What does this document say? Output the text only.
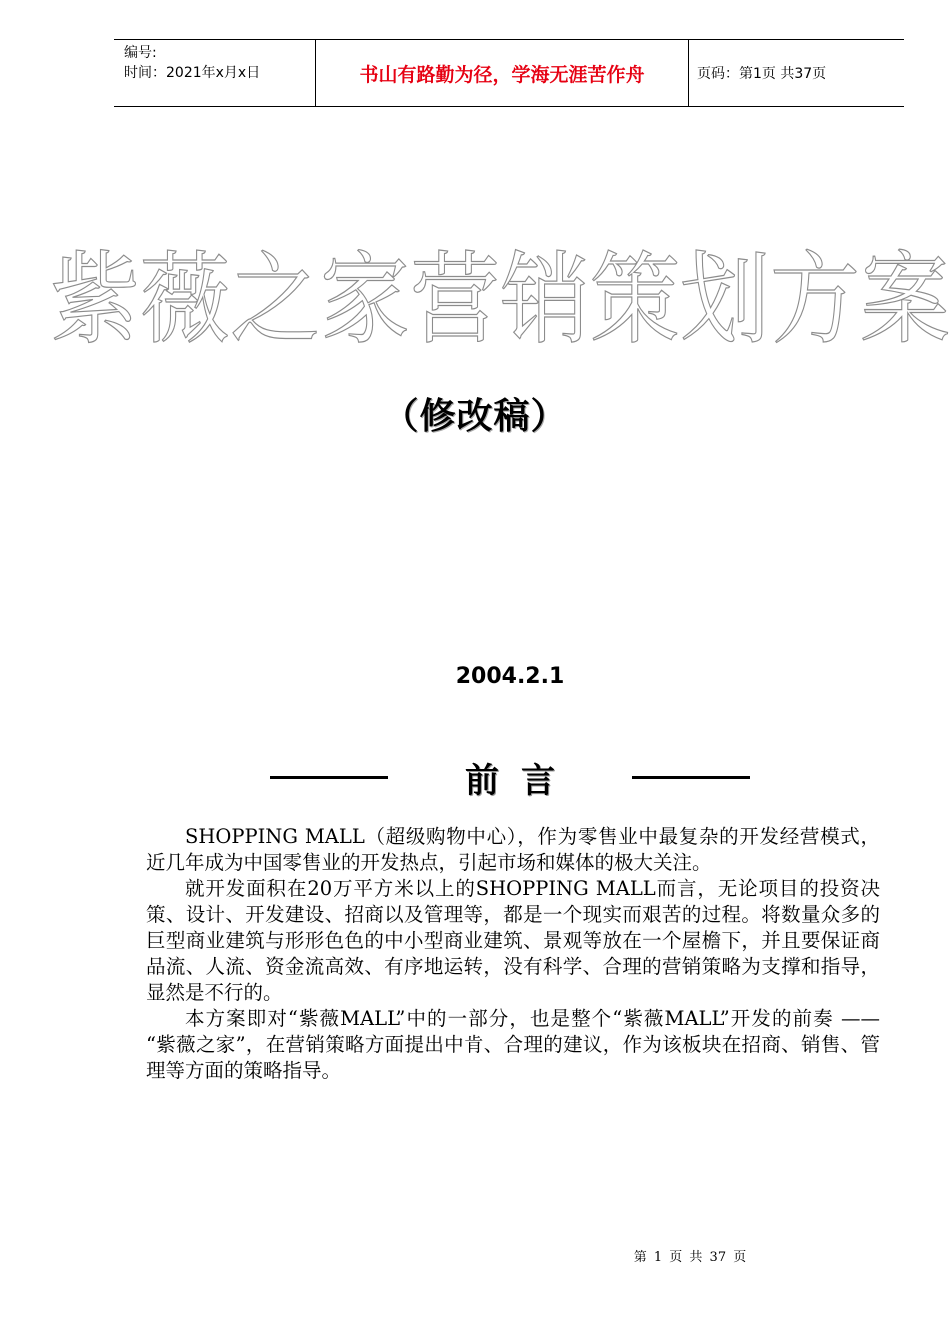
编号:
时间：2021年x月x日	书山有路勤为径，学海无涯苦作舟	页码：第1页 共37页
紫薇之家营销策划方案
（修改稿）
2004.2.1
前言

SHOPPING MALL（超级购物中心），作为零售业中最复杂的开发经营模式，近几年成为中国零售业的开发热点，引起市场和媒体的极大关注。

就开发面积在20万平方米以上的SHOPPING MALL而言，无论项目的投资决策、设计、开发建设、招商以及管理等，都是一个现实而艰苦的过程。将数量众多的巨型商业建筑与形形色色的中小型商业建筑、景观等放在一个屋檐下，并且要保证商品流、人流、资金流高效、有序地运转，没有科学、合理的营销策略为支撑和指导，显然是不行的。

本方案即对“紫薇MALL”中的一部分，也是整个“紫薇MALL”开发的前奏 —— “紫薇之家”，在营销策略方面提出中肯、合理的建议，作为该板块在招商、销售、管理等方面的策略指导。

第 1 页 共 37 页
